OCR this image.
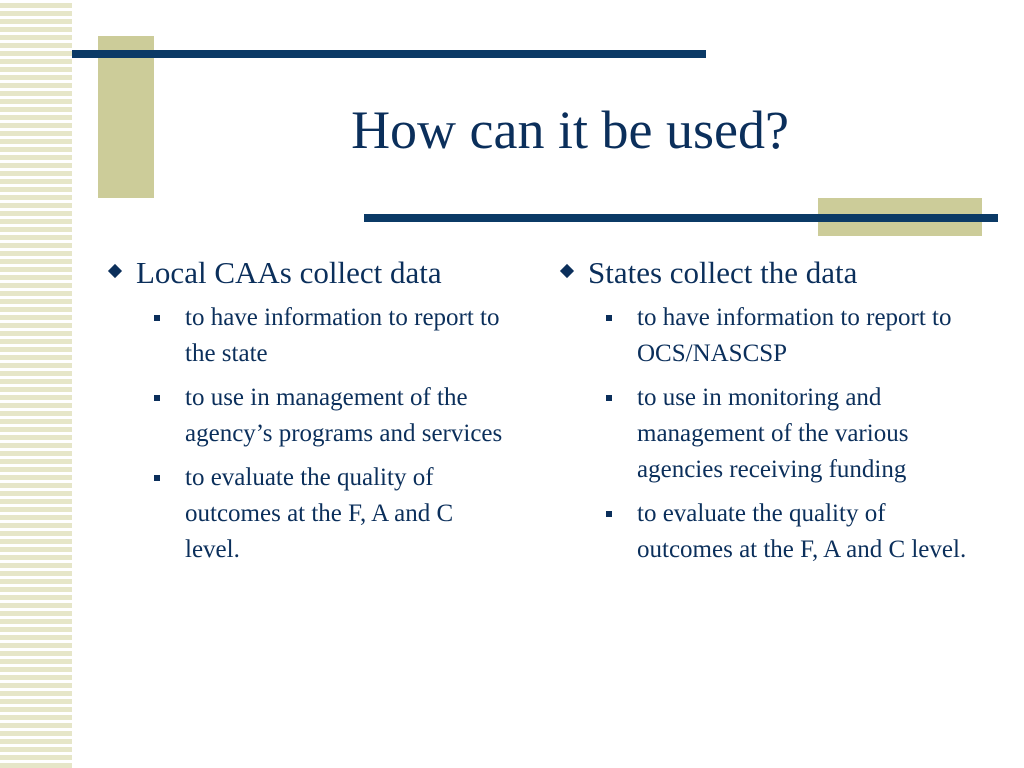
How can it be used?
Local CAAs collect data
to have information to report to the state
to use in management of the agency’s programs and services
to evaluate the quality of outcomes at the F, A and C level.
States collect the data
to have information to report to OCS/NASCSP
to use in monitoring and management of the various agencies receiving funding
to evaluate the quality of outcomes at the F, A and C level.
